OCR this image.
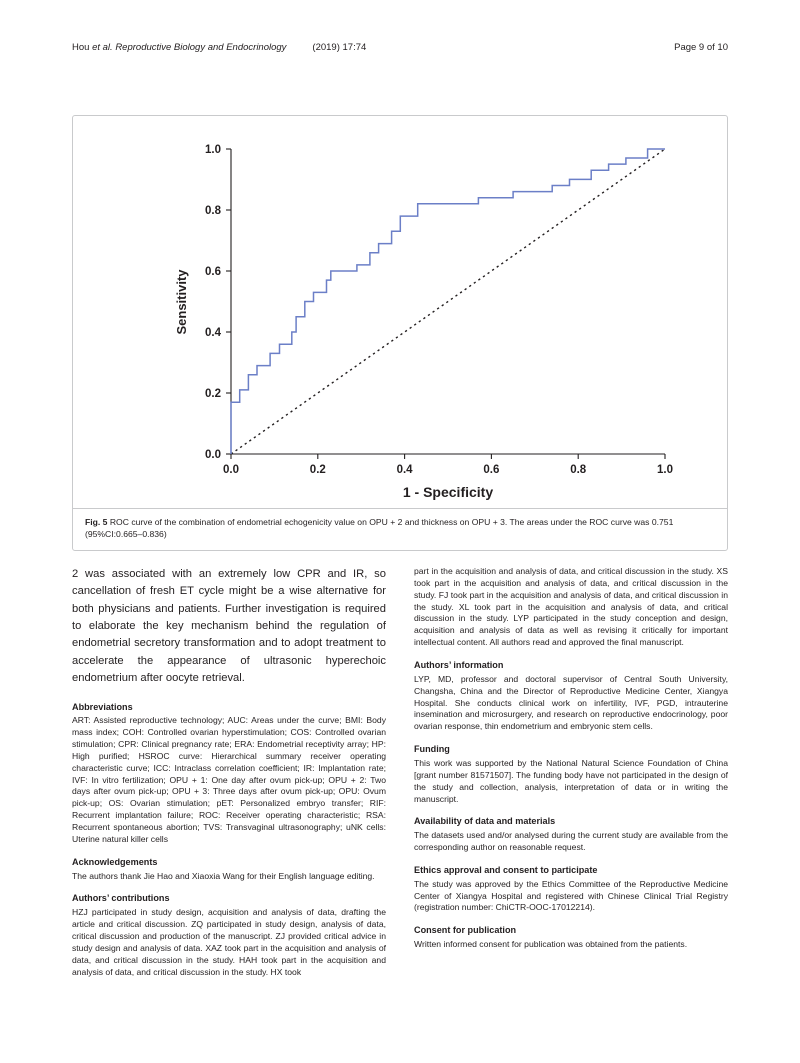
Hou et al. Reproductive Biology and Endocrinology	(2019) 17:74	Page 9 of 10
0.0	0.2	0.4	0.6	0.8	1.0
0.0
0.2
0.4
0.6
0.8
1.0
1 - Specificity
Sensitivity
Fig. 5 ROC curve of the combination of endometrial echogenicity value on OPU + 2 and thickness on OPU + 3. The areas under the ROC curve was 0.751 (95%CI:0.665–0.836)

2 was associated with an extremely low CPR and IR, so cancellation of fresh ET cycle might be a wise alternative for both physicians and patients. Further investigation is required to elaborate the key mechanism behind the regulation of endometrial secretory transformation and to adopt treatment to accelerate the appearance of ultrasonic hyperechoic endometrium after oocyte retrieval.

Abbreviations

ART: Assisted reproductive technology; AUC: Areas under the curve; BMI: Body mass index; COH: Controlled ovarian hyperstimulation; COS: Controlled ovarian stimulation; CPR: Clinical pregnancy rate; ERA: Endometrial receptivity array; HP: High purified; HSROC curve: Hierarchical summary receiver operating characteristic curve; ICC: Intraclass correlation coefficient; IR: Implantation rate; IVF: In vitro fertilization; OPU + 1: One day after ovum pick-up; OPU + 2: Two days after ovum pick-up; OPU + 3: Three days after ovum pick-up; OPU: Ovum pick-up; OS: Ovarian stimulation; pET: Personalized embryo transfer; RIF: Recurrent implantation failure; ROC: Receiver operating characteristic; RSA: Recurrent spontaneous abortion; TVS: Transvaginal ultrasonography; uNK cells: Uterine natural killer cells

Acknowledgements

The authors thank Jie Hao and Xiaoxia Wang for their English language editing.

Authors’ contributions

HZJ participated in study design, acquisition and analysis of data, drafting the article and critical discussion. ZQ participated in study design, analysis of data, critical discussion and production of the manuscript. ZJ provided critical advice in study design and analysis of data. XAZ took part in the acquisition and analysis of data, and critical discussion in the study. HAH took part in the acquisition and analysis of data, and critical discussion in the study. HX took

part in the acquisition and analysis of data, and critical discussion in the study. XS took part in the acquisition and analysis of data, and critical discussion in the study. FJ took part in the acquisition and analysis of data, and critical discussion in the study. XL took part in the acquisition and analysis of data, and critical discussion in the study. LYP participated in the study conception and design, acquisition and analysis of data as well as revising it critically for important intellectual content. All authors read and approved the final manuscript.

Authors’ information

LYP, MD, professor and doctoral supervisor of Central South University, Changsha, China and the Director of Reproductive Medicine Center, Xiangya Hospital. She conducts clinical work on infertility, IVF, PGD, intrauterine insemination and microsurgery, and research on reproductive endocrinology, poor ovarian response, thin endometrium and embryonic stem cells.

Funding

This work was supported by the National Natural Science Foundation of China [grant number 81571507]. The funding body have not participated in the design of the study and collection, analysis, interpretation of data or in writing the manuscript.

Availability of data and materials

The datasets used and/or analysed during the current study are available from the corresponding author on reasonable request.

Ethics approval and consent to participate

The study was approved by the Ethics Committee of the Reproductive Medicine Center of Xiangya Hospital and registered with Chinese Clinical Trial Registry (registration number: ChiCTR-OOC-17012214).

Consent for publication

Written informed consent for publication was obtained from the patients.
